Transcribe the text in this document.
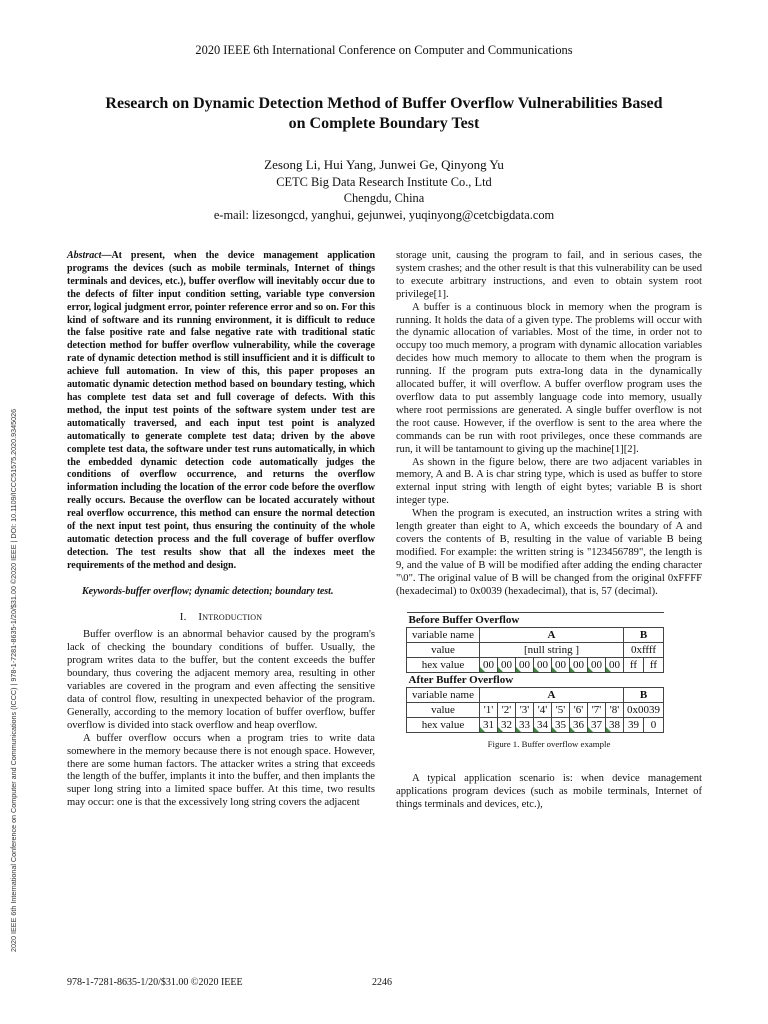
2020 IEEE 6th International Conference on Computer and Communications
Research on Dynamic Detection Method of Buffer Overflow Vulnerabilities Based
on Complete Boundary Test
Zesong Li, Hui Yang, Junwei Ge, Qinyong Yu
CETC Big Data Research Institute Co., Ltd
Chengdu, China
e-mail: lizesongcd, yanghui, gejunwei, yuqinyong@cetcbigdata.com
2020 IEEE 6th International Conference on Computer and Communications (ICCC) | 978-1-7281-8635-1/20/$31.00 ©2020 IEEE | DOI: 10.1109/ICCC51575.2020.9345026
Abstract—At present, when the device management application programs the devices (such as mobile terminals, Internet of things terminals and devices, etc.), buffer overflow will inevitably occur due to the defects of filter input condition setting, variable type conversion error, logical judgment error, pointer reference error and so on. For this kind of software and its running environment, it is difficult to reduce the false positive rate and false negative rate with traditional static detection method for buffer overflow vulnerability, while the coverage rate of dynamic detection method is still insufficient and it is difficult to achieve full automation. In view of this, this paper proposes an automatic dynamic detection method based on boundary testing, which has complete test data set and full coverage of defects. With this method, the input test points of the software system under test are automatically traversed, and each input test point is analyzed automatically to generate complete test data; driven by the above complete test data, the software under test runs automatically, in which the embedded dynamic detection code automatically judges the conditions of overflow occurrence, and returns the overflow information including the location of the error code before the overflow really occurs. Because the overflow can be located accurately without real overflow occurrence, this method can ensure the normal detection of the next input test point, thus ensuring the continuity of the whole automatic detection process and the full coverage of buffer overflow detection. The test results show that all the indexes meet the requirements of the method and design.
Keywords-buffer overflow; dynamic detection; boundary test.
I. Introduction

Buffer overflow is an abnormal behavior caused by the program's lack of checking the boundary conditions of buffer. Usually, the program writes data to the buffer, but the content exceeds the buffer boundary, thus covering the adjacent memory area, resulting in other variables are covered in the program and even affecting the sensitive data of control flow, resulting in unexpected behavior of the program. Generally, according to the memory location of buffer overflow, buffer overflow is divided into stack overflow and heap overflow.

A buffer overflow occurs when a program tries to write data somewhere in the memory because there is not enough space. However, there are some human factors. The attacker writes a string that exceeds the length of the buffer, implants it into the buffer, and then implants the super long string into a limited space buffer. At this time, two results may occur: one is that the excessively long string covers the adjacent

storage unit, causing the program to fail, and in serious cases, the system crashes; and the other result is that this vulnerability can be used to execute arbitrary instructions, and even to obtain system root privilege[1].

A buffer is a continuous block in memory when the program is running. It holds the data of a given type. The problems will occur with the dynamic allocation of variables. Most of the time, in order not to occupy too much memory, a program with dynamic allocation variables decides how much memory to allocate to them when the program is running. If the program puts extra-long data in the dynamically allocated buffer, it will overflow. A buffer overflow program uses the overflow data to put assembly language code into memory, usually where root permissions are generated. A single buffer overflow is not the root cause. However, if the overflow is sent to the area where the commands can be run with root privileges, once these commands are run, it will be tantamount to giving up the machine[1][2].

As shown in the figure below, there are two adjacent variables in memory, A and B. A is char string type, which is used as buffer to store external input string with length of eight bytes; variable B is short integer type.

When the program is executed, an instruction writes a string with length greater than eight to A, which exceeds the boundary of A and covers the contents of B, resulting in the value of variable B being modified. For example: the written string is "123456789", the length is 9, and the value of B will be modified after adding the ending character "\0". The original value of B will be changed from the original 0xFFFF (hexadecimal) to 0x0039 (hexadecimal), that is, 57 (decimal).

Before Buffer Overflow										
variable name	A								B	
value	[null string ]								0xffff	
hex value	00	00	00	00	00	00	00	00	ff	ff
After Buffer Overflow										
variable name	A								B	
value	'1'	'2'	'3'	'4'	'5'	'6'	'7'	'8'	0x0039	
hex value	31	32	33	34	35	36	37	38	39	0
Figure 1. Buffer overflow example

A typical application scenario is: when device management applications program devices (such as mobile terminals, Internet of things terminals and devices, etc.),

978-1-7281-8635-1/20/$31.00 ©2020 IEEE	2246
